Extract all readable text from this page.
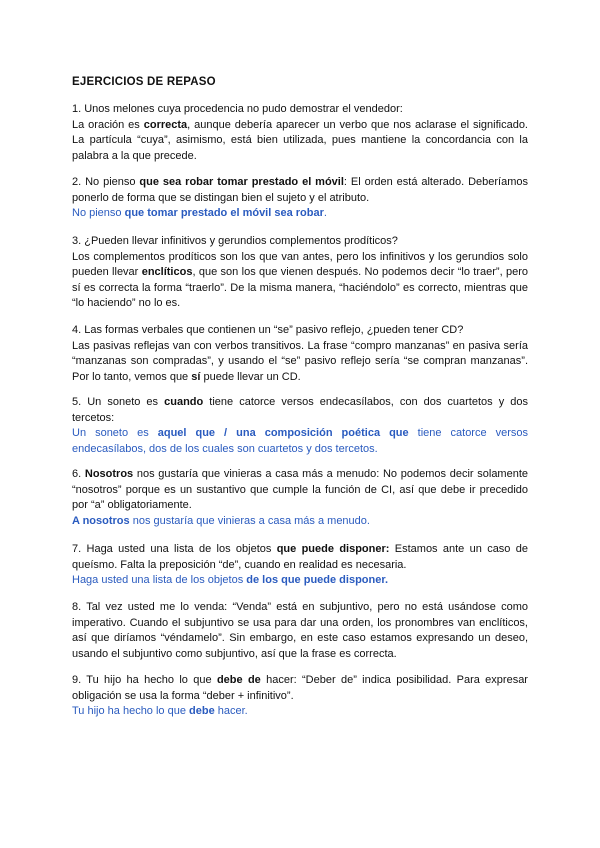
EJERCICIOS DE REPASO

1. Unos melones cuya procedencia no pudo demostrar el vendedor:

La oración es correcta, aunque debería aparecer un verbo que nos aclarase el significado. La partícula “cuya”, asimismo, está bien utilizada, pues mantiene la concordancia con la palabra a la que precede.

2. No pienso que sea robar tomar prestado el móvil: El orden está alterado. Deberíamos ponerlo de forma que se distingan bien el sujeto y el atributo.

No pienso que tomar prestado el móvil sea robar.

3. ¿Pueden llevar infinitivos y gerundios complementos prodíticos?

Los complementos prodíticos son los que van antes, pero los infinitivos y los gerundios solo pueden llevar enclíticos, que son los que vienen después. No podemos decir “lo traer”, pero sí es correcta la forma “traerlo”. De la misma manera, “haciéndolo” es correcto, mientras que “lo haciendo” no lo es.

4. Las formas verbales que contienen un “se” pasivo reflejo, ¿pueden tener CD?

Las pasivas reflejas van con verbos transitivos. La frase “compro manzanas” en pasiva sería “manzanas son compradas”, y usando el “se” pasivo reflejo sería “se compran manzanas”. Por lo tanto, vemos que sí puede llevar un CD.

5. Un soneto es cuando tiene catorce versos endecasílabos, con dos cuartetos y dos tercetos:

Un soneto es aquel que / una composición poética que tiene catorce versos endecasílabos, dos de los cuales son cuartetos y dos tercetos.

6. Nosotros nos gustaría que vinieras a casa más a menudo: No podemos decir solamente “nosotros” porque es un sustantivo que cumple la función de CI, así que debe ir precedido por “a” obligatoriamente.

A nosotros nos gustaría que vinieras a casa más a menudo.

7. Haga usted una lista de los objetos que puede disponer: Estamos ante un caso de queísmo. Falta la preposición “de”, cuando en realidad es necesaria.

Haga usted una lista de los objetos de los que puede disponer.

8. Tal vez usted me lo venda: “Venda” está en subjuntivo, pero no está usándose como imperativo. Cuando el subjuntivo se usa para dar una orden, los pronombres van enclíticos, así que diríamos “véndamelo”. Sin embargo, en este caso estamos expresando un deseo, usando el subjuntivo como subjuntivo, así que la frase es correcta.

9. Tu hijo ha hecho lo que debe de hacer: “Deber de” indica posibilidad. Para expresar obligación se usa la forma “deber + infinitivo”.

Tu hijo ha hecho lo que debe hacer.
